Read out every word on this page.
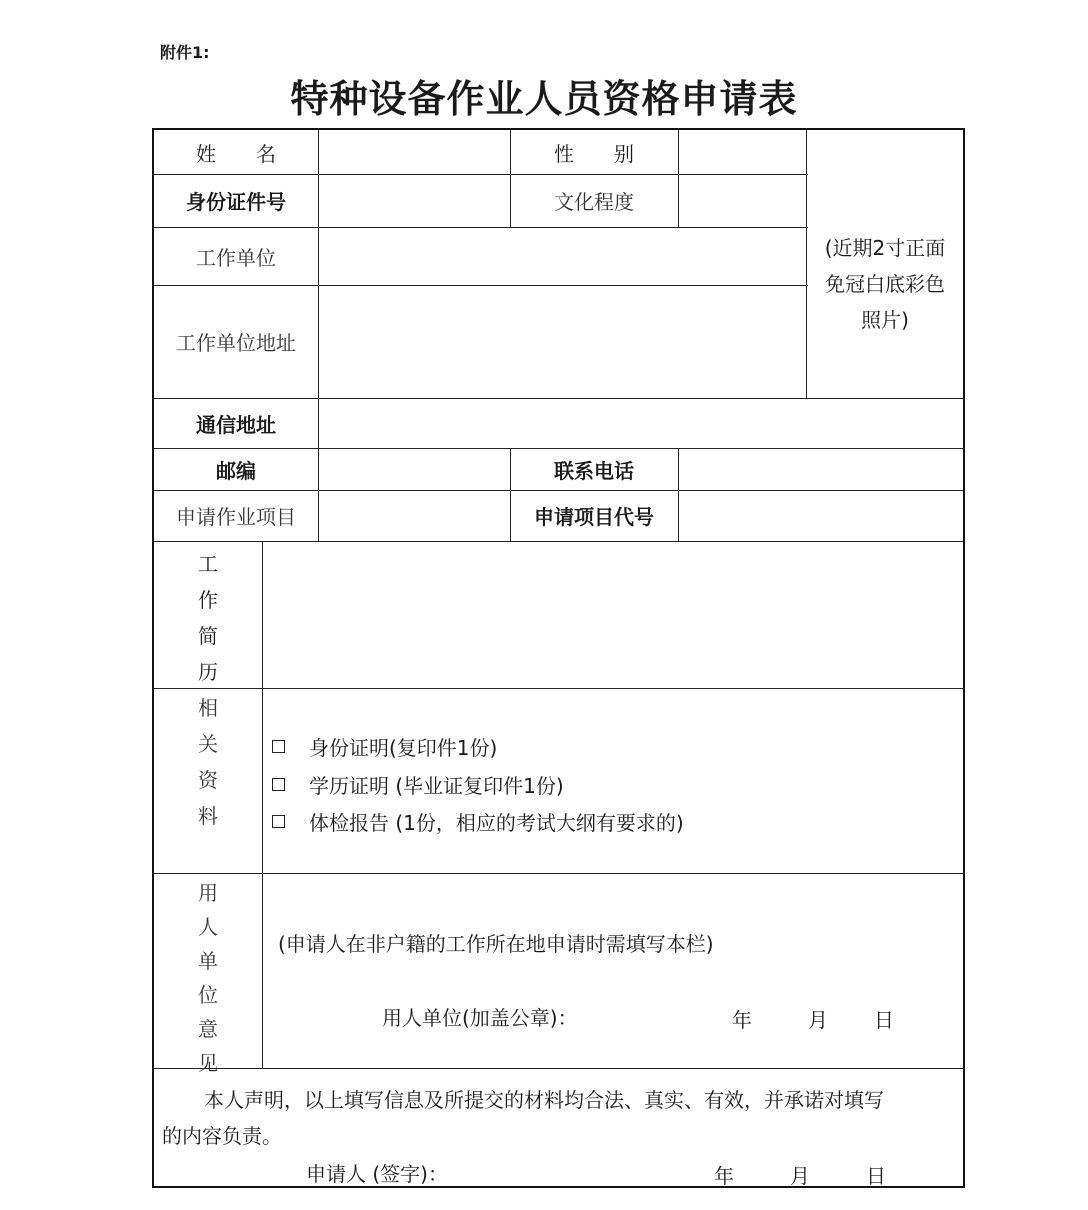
附件1:
特种设备作业人员资格申请表
姓　　名	性　　别
身份证件号	文化程度
工作单位
工作单位地址
(近期2寸正面
免冠白底彩色
照片)
通信地址
邮编	联系电话
申请作业项目	申请项目代号
工
作
简
历
相
关
资
料
身份证明(复印件1份)
学历证明 (毕业证复印件1份)
体检报告 (1份，相应的考试大纲有要求的)
用
人
单
位
意
见
(申请人在非户籍的工作所在地申请时需填写本栏)
用人单位(加盖公章)：	年	月 日
本人声明，以上填写信息及所提交的材料均合法、真实、有效，并承诺对填写
的内容负责。
申请人 (签字)：	年	月	日
